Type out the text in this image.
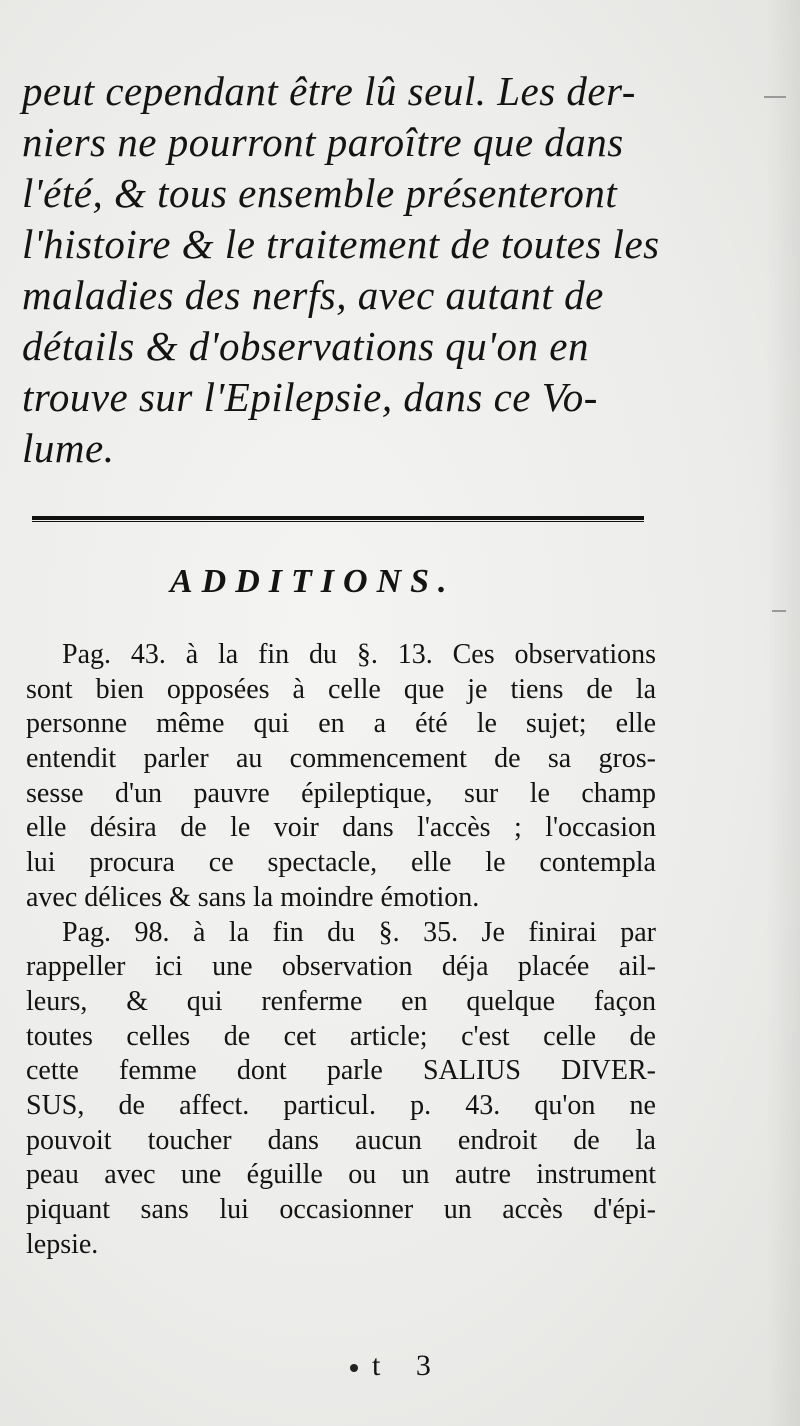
peut cependant être lû seul. Les der-

niers ne pourront paroître que dans

l'été, & tous ensemble présenteront

l'histoire & le traitement de toutes les

maladies des nerfs, avec autant de

détails & d'observations qu'on en

trouve sur l'Epilepsie, dans ce Vo-

lume.

ADDITIONS.

Pag. 43. à la fin du §. 13. Ces observations

sont bien opposées à celle que je tiens de la

personne même qui en a été le sujet; elle

entendit parler au commencement de sa gros-

sesse d'un pauvre épileptique, sur le champ

elle désira de le voir dans l'accès ; l'occasion

lui procura ce spectacle, elle le contempla

avec délices & sans la moindre émotion.

Pag. 98. à la fin du §. 35. Je finirai par

rappeller ici une observation déja placée ail-

leurs, & qui renferme en quelque façon

toutes celles de cet article; c'est celle de

cette femme dont parle SALIUS DIVER-

SUS, de affect. particul. p. 43. qu'on ne

pouvoit toucher dans aucun endroit de la

peau avec une éguille ou un autre instrument

piquant sans lui occasionner un accès d'épi-

lepsie.

t 3
